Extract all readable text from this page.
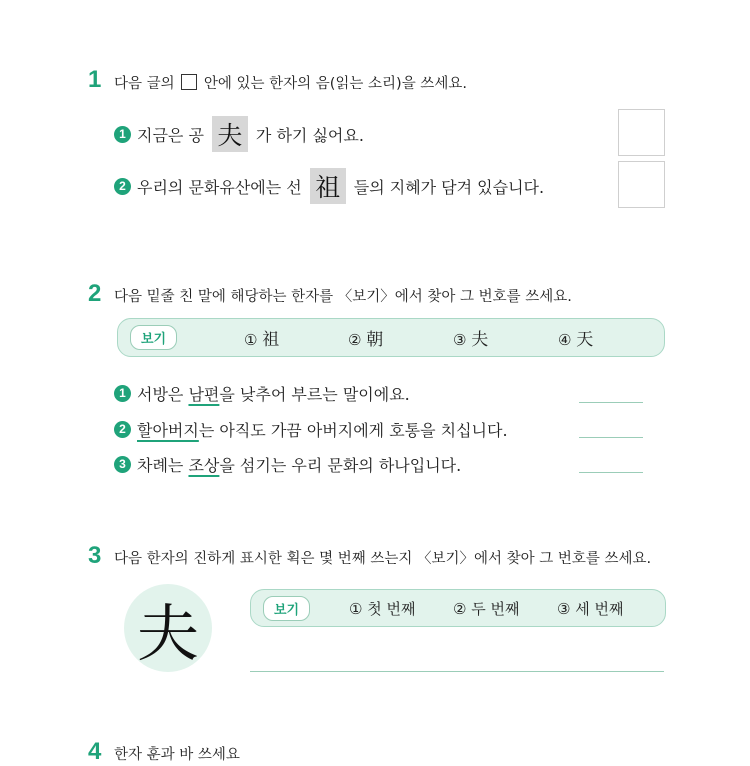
1 다음 글의 안에 있는 한자의 음(읽는 소리)을 쓰세요.
1 지금은 공 夫 가 하기 싫어요.
2 우리의 문화유산에는 선 祖 들의 지혜가 담겨 있습니다.
2 다음 밑줄 친 말에 해당하는 한자를 〈보기〉에서 찾아 그 번호를 쓰세요.
보기	① 祖	② 朝	③ 夫	④ 天
1 서방은 남편 을 낮추어 부르는 말이에요.
2 할아버지 는 아직도 가끔 아버지에게 호통을 치십니다.
3 차례는 조상 을 섬기는 우리 문화의 하나입니다.
3 다음 한자의 진하게 표시한 획은 몇 번째 쓰는지 〈보기〉에서 찾아 그 번호를 쓰세요.
夫	보기	① 첫 번째	② 두 번째	③ 세 번째
4 한자 훈과 바 쓰세요
